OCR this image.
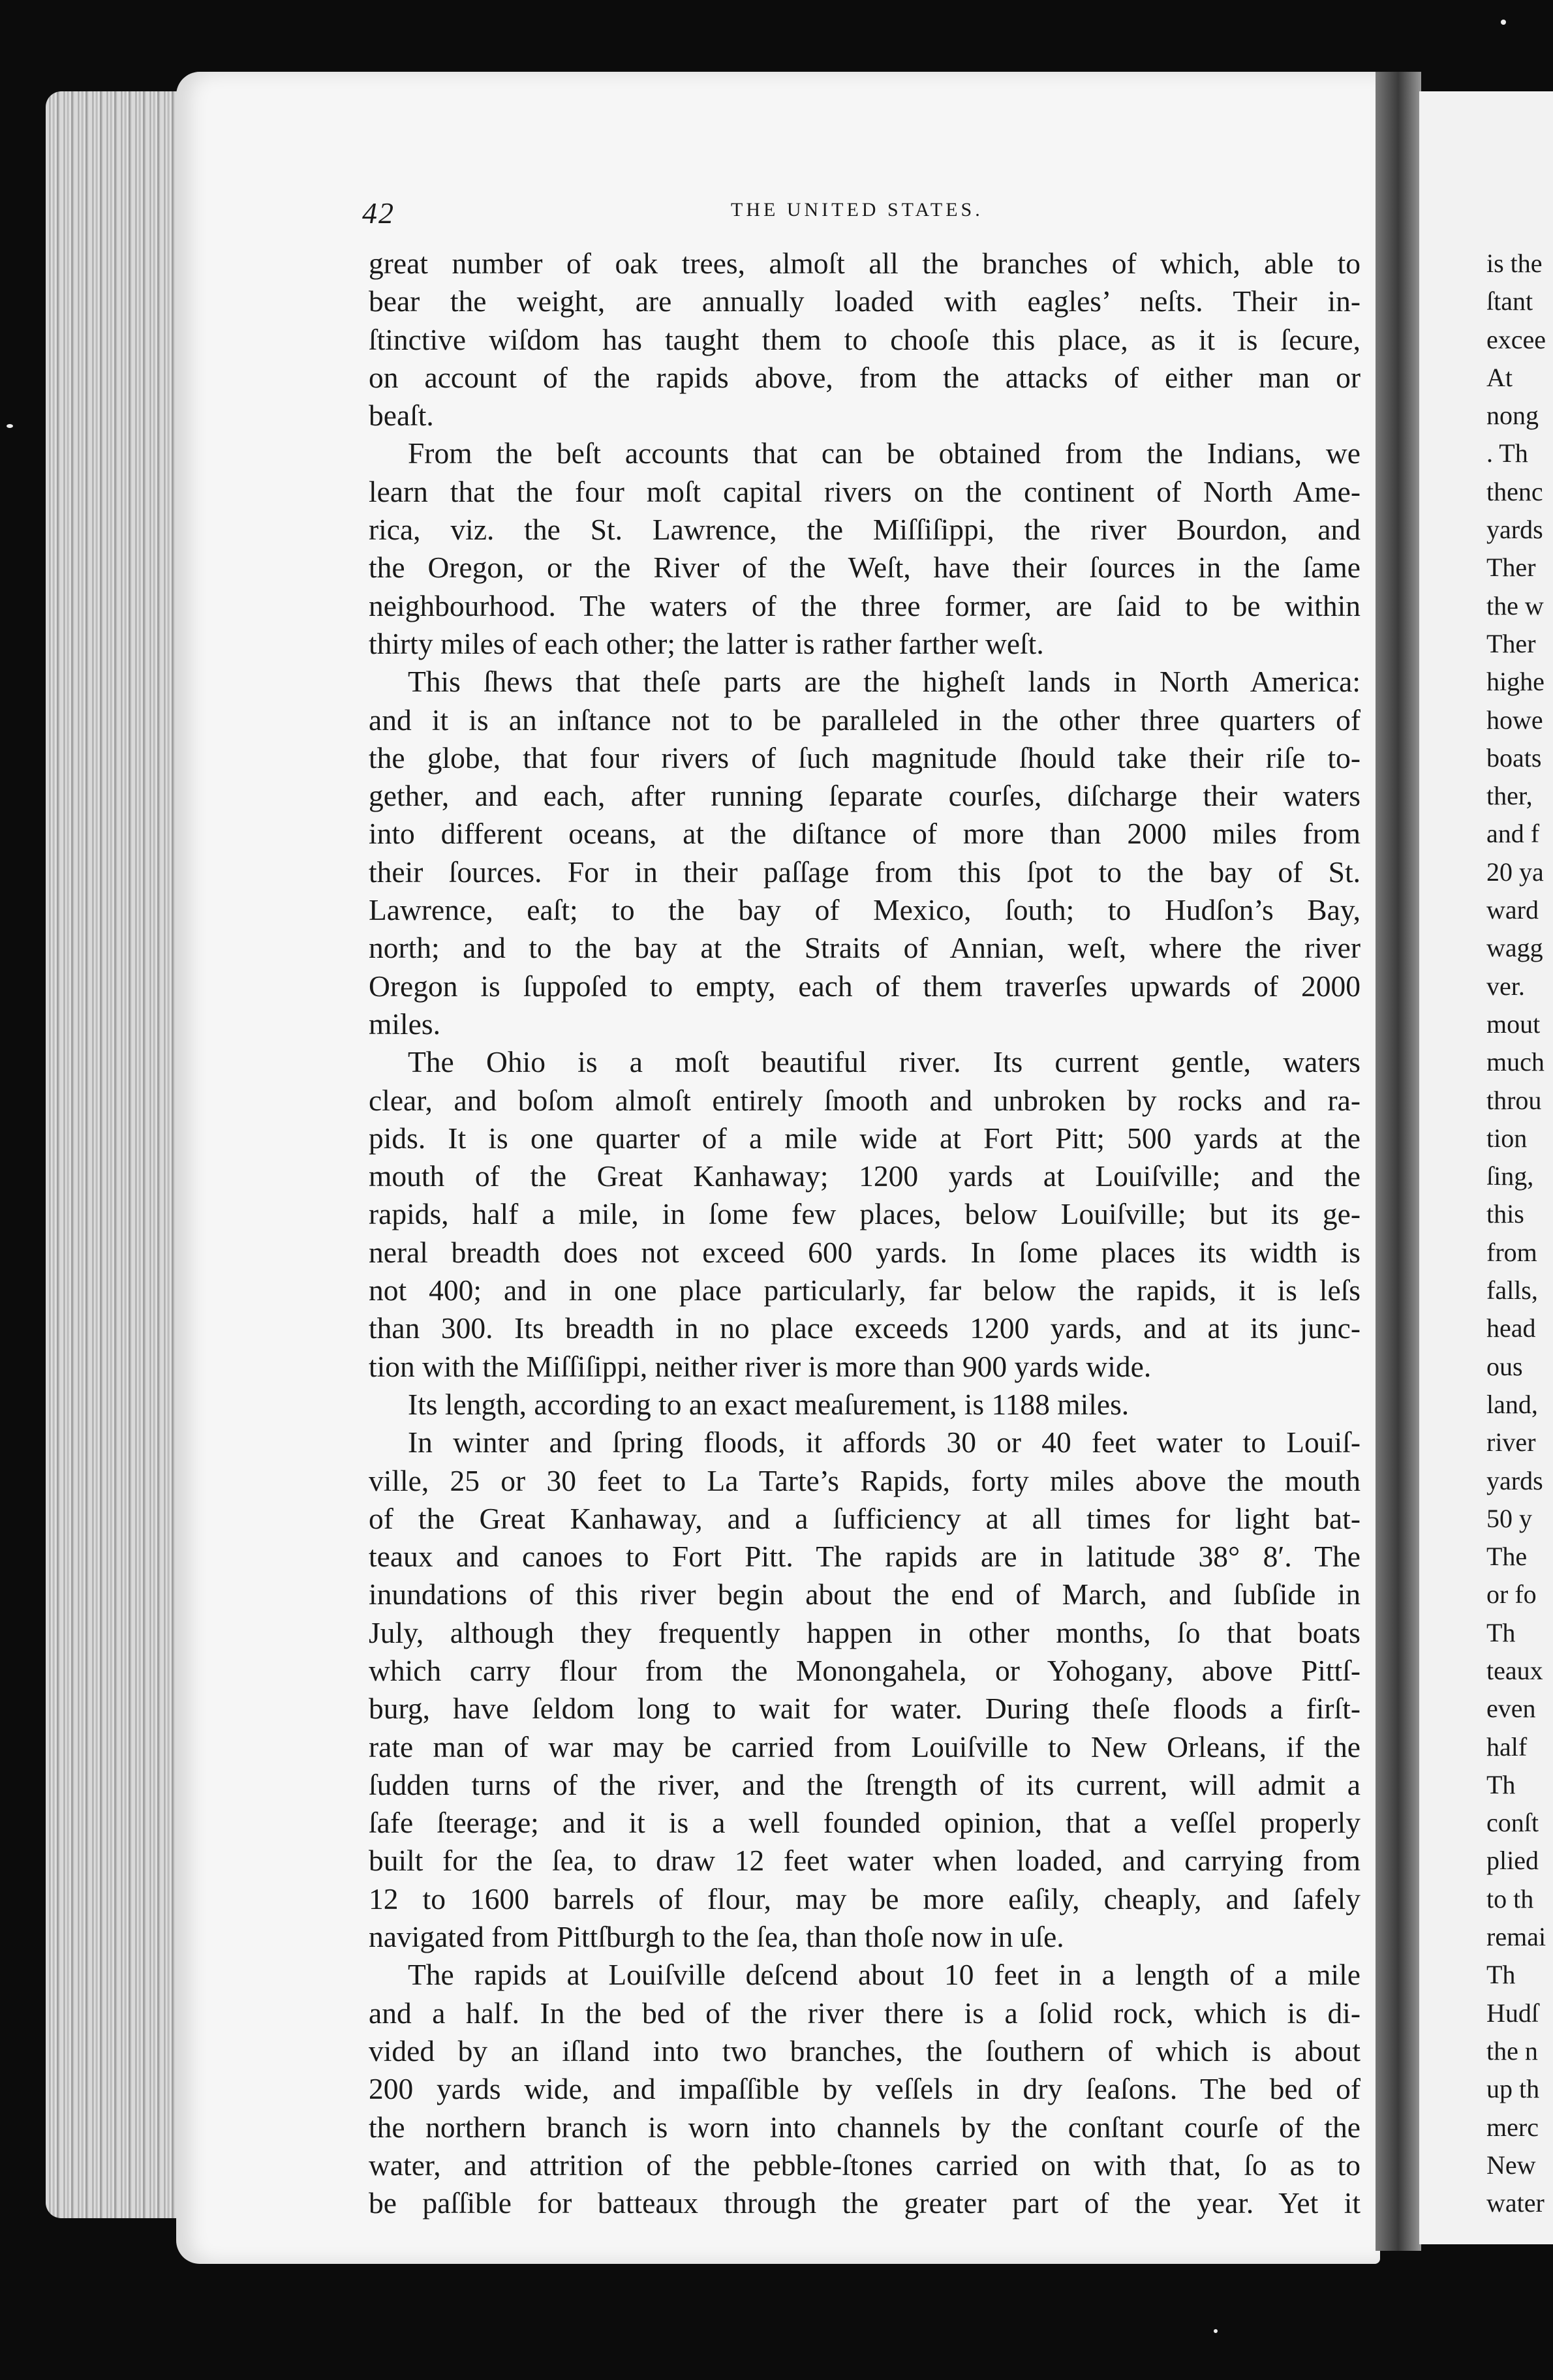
42	THE UNITED STATES.
great number of oak trees, almoſt all the branches of which, able to
bear the weight, are annually loaded with eagles’ neſts. Their in-
ſtinctive wiſdom has taught them to chooſe this place, as it is ſecure,
on account of the rapids above, from the attacks of either man or
beaſt.
From the beſt accounts that can be obtained from the Indians, we
learn that the four moſt capital rivers on the continent of North Ame-
rica, viz. the St. Lawrence, the Miſſiſippi, the river Bourdon, and
the Oregon, or the River of the Weſt, have their ſources in the ſame
neighbourhood. The waters of the three former, are ſaid to be within
thirty miles of each other; the latter is rather farther weſt.
This ſhews that theſe parts are the higheſt lands in North America:
and it is an inſtance not to be paralleled in the other three quarters of
the globe, that four rivers of ſuch magnitude ſhould take their riſe to-
gether, and each, after running ſeparate courſes, diſcharge their waters
into different oceans, at the diſtance of more than 2000 miles from
their ſources. For in their paſſage from this ſpot to the bay of St.
Lawrence, eaſt; to the bay of Mexico, ſouth; to Hudſon’s Bay,
north; and to the bay at the Straits of Annian, weſt, where the river
Oregon is ſuppoſed to empty, each of them traverſes upwards of 2000
miles.
The Ohio is a moſt beautiful river. Its current gentle, waters
clear, and boſom almoſt entirely ſmooth and unbroken by rocks and ra-
pids. It is one quarter of a mile wide at Fort Pitt; 500 yards at the
mouth of the Great Kanhaway; 1200 yards at Louiſville; and the
rapids, half a mile, in ſome few places, below Louiſville; but its ge-
neral breadth does not exceed 600 yards. In ſome places its width is
not 400; and in one place particularly, far below the rapids, it is leſs
than 300. Its breadth in no place exceeds 1200 yards, and at its junc-
tion with the Miſſiſippi, neither river is more than 900 yards wide.
Its length, according to an exact meaſurement, is 1188 miles.
In winter and ſpring floods, it affords 30 or 40 feet water to Louiſ-
ville, 25 or 30 feet to La Tarte’s Rapids, forty miles above the mouth
of the Great Kanhaway, and a ſufficiency at all times for light bat-
teaux and canoes to Fort Pitt. The rapids are in latitude 38° 8′. The
inundations of this river begin about the end of March, and ſubſide in
July, although they frequently happen in other months, ſo that boats
which carry flour from the Monongahela, or Yohogany, above Pittſ-
burg, have ſeldom long to wait for water. During theſe floods a firſt-
rate man of war may be carried from Louiſville to New Orleans, if the
ſudden turns of the river, and the ſtrength of its current, will admit a
ſafe ſteerage; and it is a well founded opinion, that a veſſel properly
built for the ſea, to draw 12 feet water when loaded, and carrying from
12 to 1600 barrels of flour, may be more eaſily, cheaply, and ſafely
navigated from Pittſburgh to the ſea, than thoſe now in uſe.
The rapids at Louiſville deſcend about 10 feet in a length of a mile
and a half. In the bed of the river there is a ſolid rock, which is di-
vided by an iſland into two branches, the ſouthern of which is about
200 yards wide, and impaſſible by veſſels in dry ſeaſons. The bed of
the northern branch is worn into channels by the conſtant courſe of the
water, and attrition of the pebble-ſtones carried on with that, ſo as to
be paſſible for batteaux through the greater part of the year. Yet it
is the
ſtant
excee
At
nong
. Th
thenc
yards
Ther
the w
Ther
highe
howe
boats
ther,
and f
20 ya
ward
wagg
ver.
mout
much
throu
tion
ſing,
this
from
falls,
head
ous
land,
river
yards
50 y
The
or fo
Th
teaux
even
half
Th
conſt
plied
to th
remai
Th
Hudſ
the n
up th
merc
New
water
